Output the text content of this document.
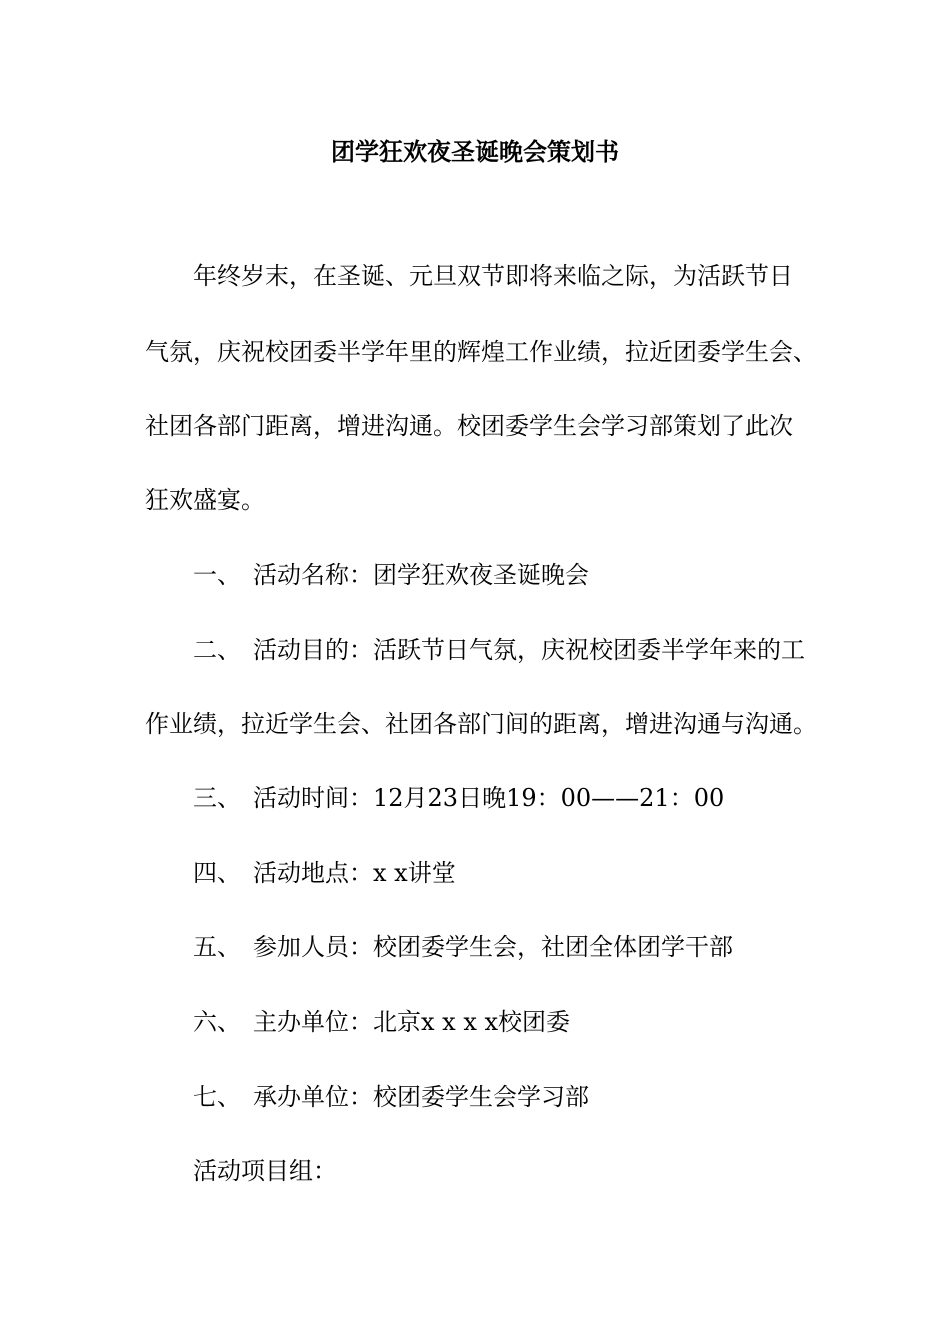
团学狂欢夜圣诞晚会策划书
年终岁末，在圣诞、元旦双节即将来临之际，为活跃节日
气氛，庆祝校团委半学年里的辉煌工作业绩，拉近团委学生会、
社团各部门距离，增进沟通。校团委学生会学习部策划了此次
狂欢盛宴。
一、 活动名称：团学狂欢夜圣诞晚会
二、 活动目的：活跃节日气氛，庆祝校团委半学年来的工
作业绩，拉近学生会、社团各部门间的距离，增进沟通与沟通。
三、 活动时间：12月23日晚19：00——21：00
四、 活动地点：x x讲堂
五、 参加人员：校团委学生会，社团全体团学干部
六、 主办单位：北京x x x x校团委
七、 承办单位：校团委学生会学习部
活动项目组：
